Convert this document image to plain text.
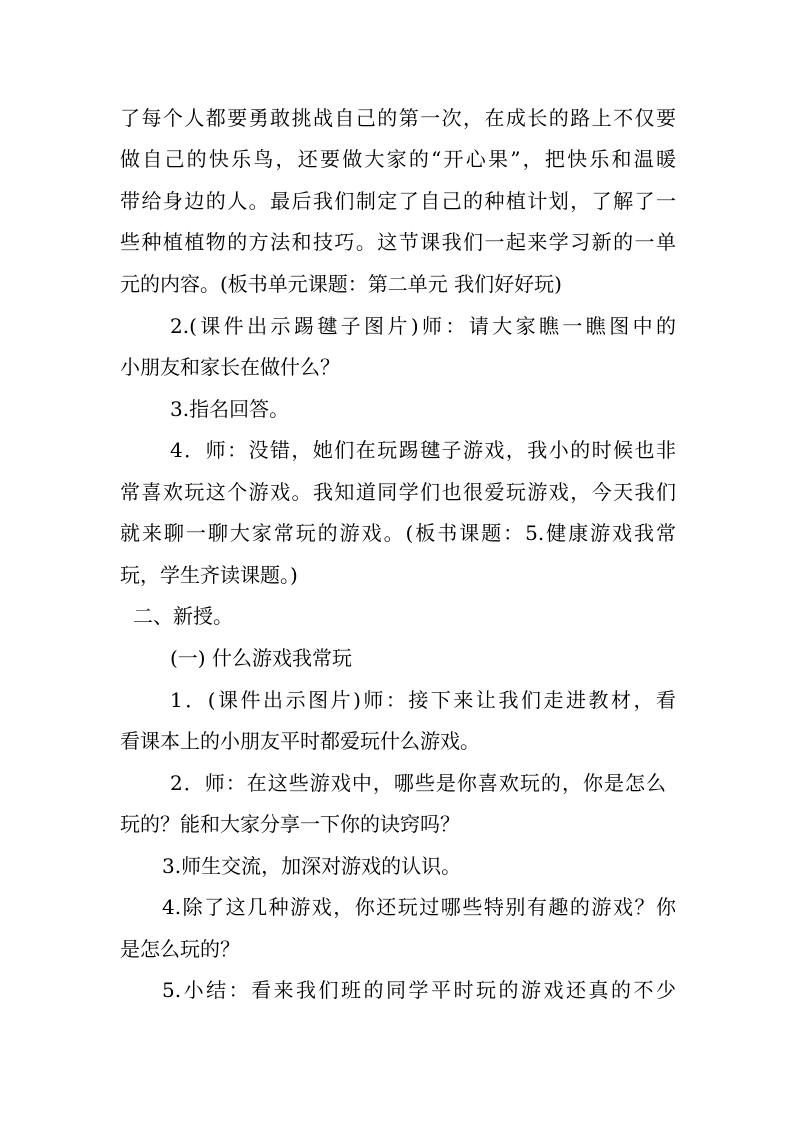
了每个人都要勇敢挑战自己的第一次，在成长的路上不仅要
做自己的快乐鸟，还要做大家的“开心果”，把快乐和温暖
带给身边的人。最后我们制定了自己的种植计划，了解了一
些种植植物的方法和技巧。这节课我们一起来学习新的一单
元的内容。(板书单元课题：第二单元 我们好好玩)
2.(课件出示踢毽子图片)师：请大家瞧一瞧图中的
小朋友和家长在做什么？
3.指名回答。
4．师：没错，她们在玩踢毽子游戏，我小的时候也非
常喜欢玩这个游戏。我知道同学们也很爱玩游戏，今天我们
就来聊一聊大家常玩的游戏。(板书课题：5.健康游戏我常
玩，学生齐读课题。)
二、新授。
(一) 什么游戏我常玩
1．(课件出示图片)师：接下来让我们走进教材，看
看课本上的小朋友平时都爱玩什么游戏。
2．师：在这些游戏中，哪些是你喜欢玩的，你是怎么
玩的？能和大家分享一下你的诀窍吗？
3.师生交流，加深对游戏的认识。
4.除了这几种游戏，你还玩过哪些特别有趣的游戏？你
是怎么玩的？
5.小结：看来我们班的同学平时玩的游戏还真的不少
